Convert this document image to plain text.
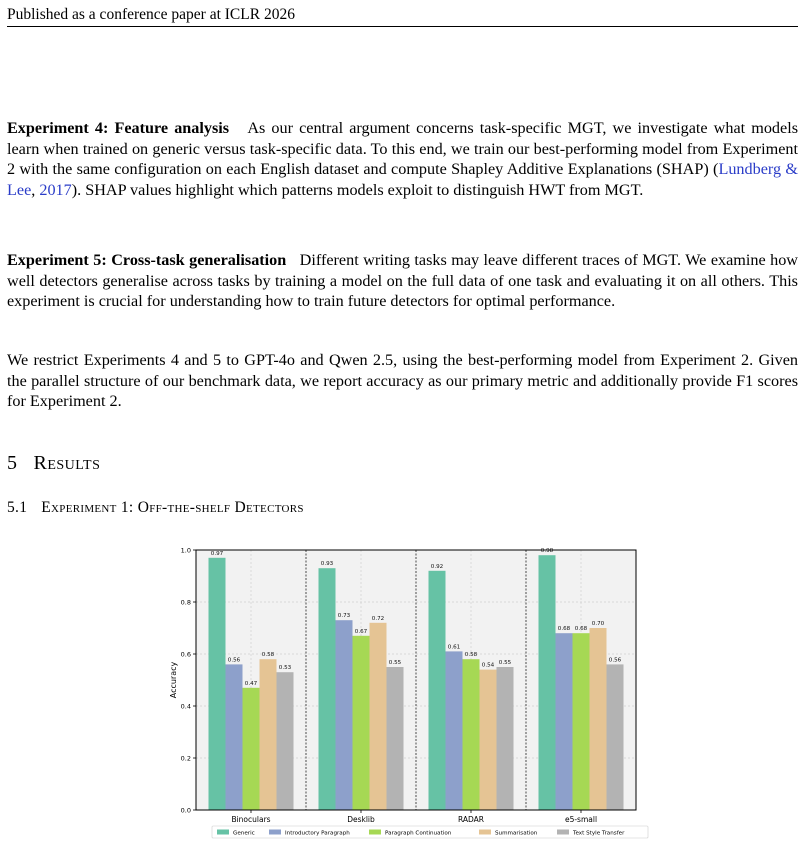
Published as a conference paper at ICLR 2026

Experiment 4: Feature analysis As our central argument concerns task-specific MGT, we investigate what models learn when trained on generic versus task-specific data. To this end, we train our best-performing model from Experiment 2 with the same configuration on each English dataset and compute Shapley Additive Explanations (SHAP) (Lundberg & Lee, 2017). SHAP values highlight which patterns models exploit to distinguish HWT from MGT.

Experiment 5: Cross-task generalisation Different writing tasks may leave different traces of MGT. We examine how well detectors generalise across tasks by training a model on the full data of one task and evaluating it on all others. This experiment is crucial for understanding how to train future detectors for optimal performance.

We restrict Experiments 4 and 5 to GPT-4o and Qwen 2.5, using the best-performing model from Experiment 2. Given the parallel structure of our benchmark data, we report accuracy as our primary metric and additionally provide F1 scores for Experiment 2.

5 Results
5.1 Experiment 1: Off-the-shelf Detectors
0.97
0.56
0.47
0.58
0.53
Binoculars
0.93
0.73
0.67
0.72
0.55
Desklib
0.92
0.61
0.58
0.54 0.55
RADAR
0.98
0.68 0.68
0.70
0.56
e5-small
0.0
0.2
0.4
0.6
0.8
1.0
Accuracy
Generic	Introductory Paragraph	Paragraph Continuation	Summarisation	Text Style Transfer
